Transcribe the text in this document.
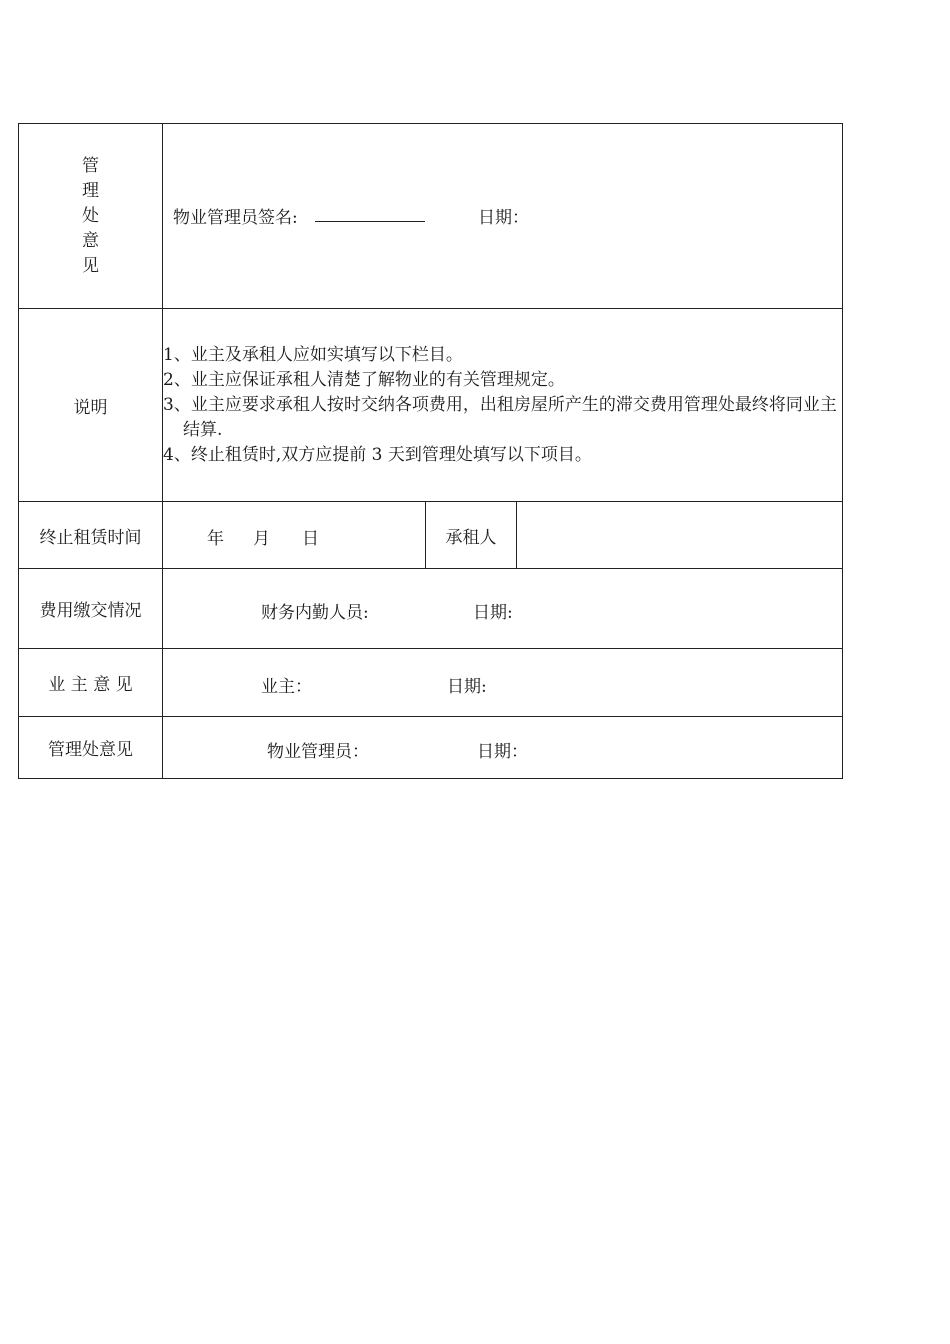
管
理
处
意
见	物业管理员签名: 日期：		

说明	1、业主及承租人应如实填写以下栏目。
2、业主应保证承租人清楚了解物业的有关管理规定。
3、业主应要求承租人按时交纳各项费用，出租房屋所产生的滞交费用管理处最终将同业主结算.
4、终止租赁时,双方应提前 3 天到管理处填写以下项目。		

终止租赁时间	年 月 日	承租人	
费用缴交情况	财务内勤人员: 日期:		

业 主 意 见	业主： 日期:		

管理处意见	物业管理员： 日期：		
